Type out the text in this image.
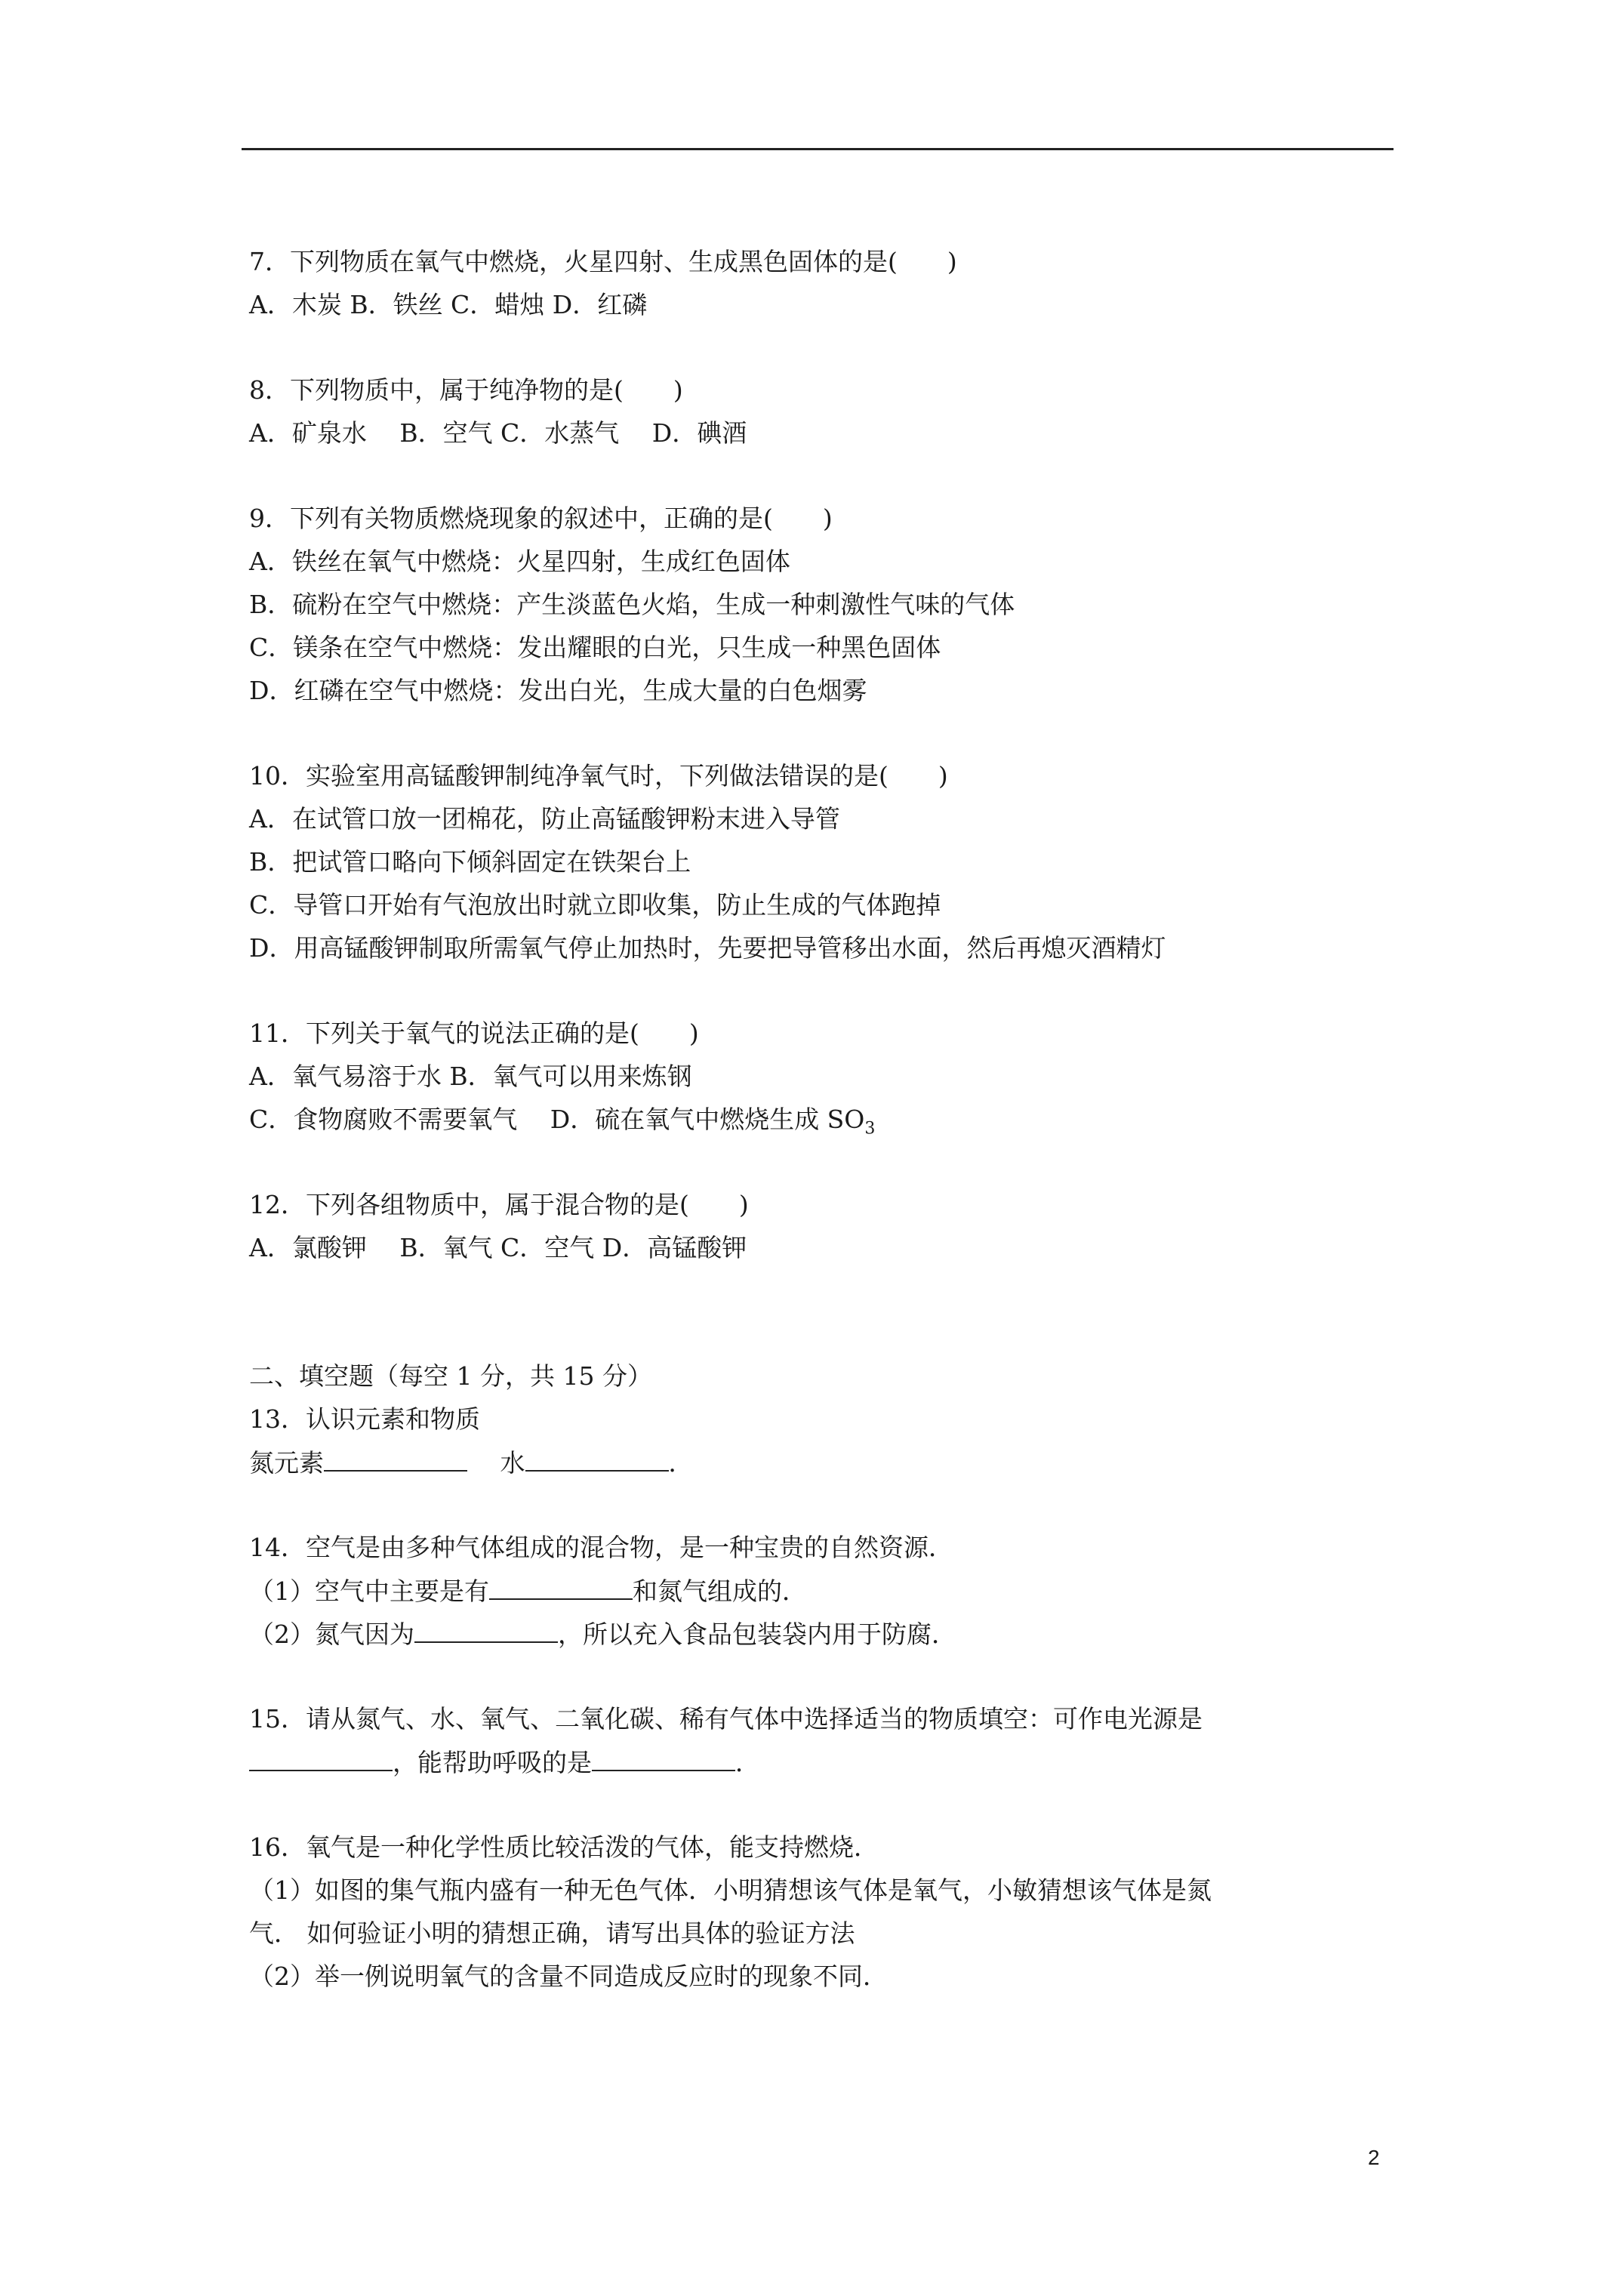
7．下列物质在氧气中燃烧，火星四射、生成黑色固体的是(　　)
A．木炭 B．铁丝 C．蜡烛 D．红磷
8．下列物质中，属于纯净物的是(　　)
A．矿泉水　 B．空气 C．水蒸气　 D．碘酒
9．下列有关物质燃烧现象的叙述中，正确的是(　　)
A．铁丝在氧气中燃烧：火星四射，生成红色固体
B．硫粉在空气中燃烧：产生淡蓝色火焰，生成一种刺激性气味的气体
C．镁条在空气中燃烧：发出耀眼的白光，只生成一种黑色固体
D．红磷在空气中燃烧：发出白光，生成大量的白色烟雾
10．实验室用高锰酸钾制纯净氧气时，下列做法错误的是(　　)
A．在试管口放一团棉花，防止高锰酸钾粉末进入导管
B．把试管口略向下倾斜固定在铁架台上
C．导管口开始有气泡放出时就立即收集，防止生成的气体跑掉
D．用高锰酸钾制取所需氧气停止加热时，先要把导管移出水面，然后再熄灭酒精灯
11．下列关于氧气的说法正确的是(　　)
A．氧气易溶于水 B．氧气可以用来炼钢
C．食物腐败不需要氧气　 D．硫在氧气中燃烧生成 $SO_3$
12．下列各组物质中，属于混合物的是(　　)
A．氯酸钾　 B．氧气 C．空气 D．高锰酸钾
二、填空题（每空 1 分，共 15 分）
13．认识元素和物质
氮元素	　 水	．
14．空气是由多种气体组成的混合物，是一种宝贵的自然资源．
（1）空气中主要是有	和氮气组成的．
（2）氮气因为	，所以充入食品包装袋内用于防腐．
15．请从氮气、水、氧气、二氧化碳、稀有气体中选择适当的物质填空：可作电光源是
，能帮助呼吸的是	．
16．氧气是一种化学性质比较活泼的气体，能支持燃烧．
（1）如图的集气瓶内盛有一种无色气体．小明猜想该气体是氧气，小敏猜想该气体是氮
气． 如何验证小明的猜想正确，请写出具体的验证方法
（2）举一例说明氧气的含量不同造成反应时的现象不同．
2
